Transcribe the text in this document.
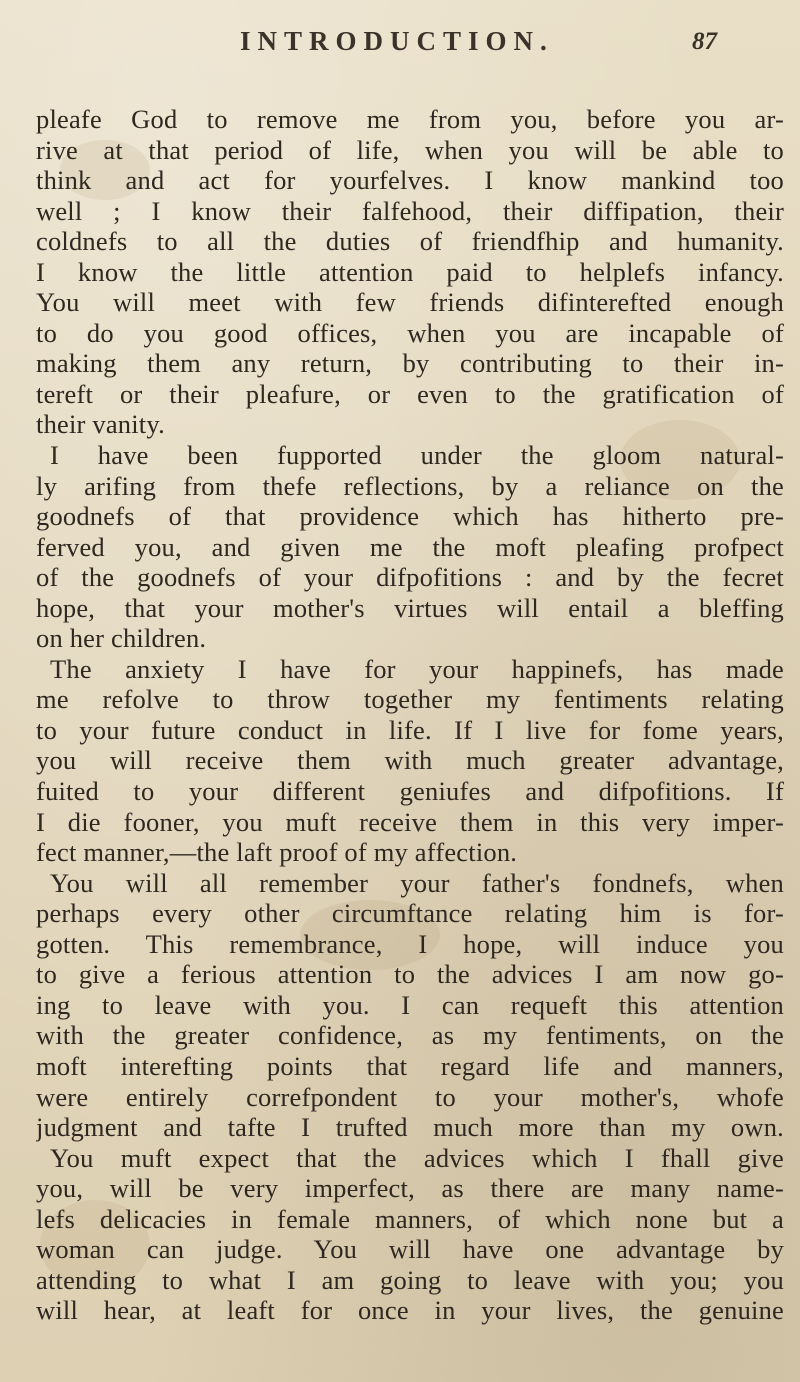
INTRODUCTION.	87
pleafe God to remove me from you, before you ar-
rive at that period of life, when you will be able to
think and act for yourfelves. I know mankind too
well ; I know their falfehood, their diffipation, their
coldnefs to all the duties of friendfhip and humanity.
I know the little attention paid to helplefs infancy.
You will meet with few friends difinterefted enough
to do you good offices, when you are incapable of
making them any return, by contributing to their in-
tereft or their pleafure, or even to the gratification of
their vanity.
I have been fupported under the gloom natural-
ly arifing from thefe reflections, by a reliance on the
goodnefs of that providence which has hitherto pre-
ferved you, and given me the moft pleafing profpect
of the goodnefs of your difpofitions : and by the fecret
hope, that your mother's virtues will entail a bleffing
on her children.
The anxiety I have for your happinefs, has made
me refolve to throw together my fentiments relating
to your future conduct in life. If I live for fome years,
you will receive them with much greater advantage,
fuited to your different geniufes and difpofitions. If
I die fooner, you muft receive them in this very imper-
fect manner,—the laft proof of my affection.
You will all remember your father's fondnefs, when
perhaps every other circumftance relating him is for-
gotten. This remembrance, I hope, will induce you
to give a ferious attention to the advices I am now go-
ing to leave with you. I can requeft this attention
with the greater confidence, as my fentiments, on the
moft interefting points that regard life and manners,
were entirely correfpondent to your mother's, whofe
judgment and tafte I trufted much more than my own.
You muft expect that the advices which I fhall give
you, will be very imperfect, as there are many name-
lefs delicacies in female manners, of which none but a
woman can judge. You will have one advantage by
attending to what I am going to leave with you; you
will hear, at leaft for once in your lives, the genuine
